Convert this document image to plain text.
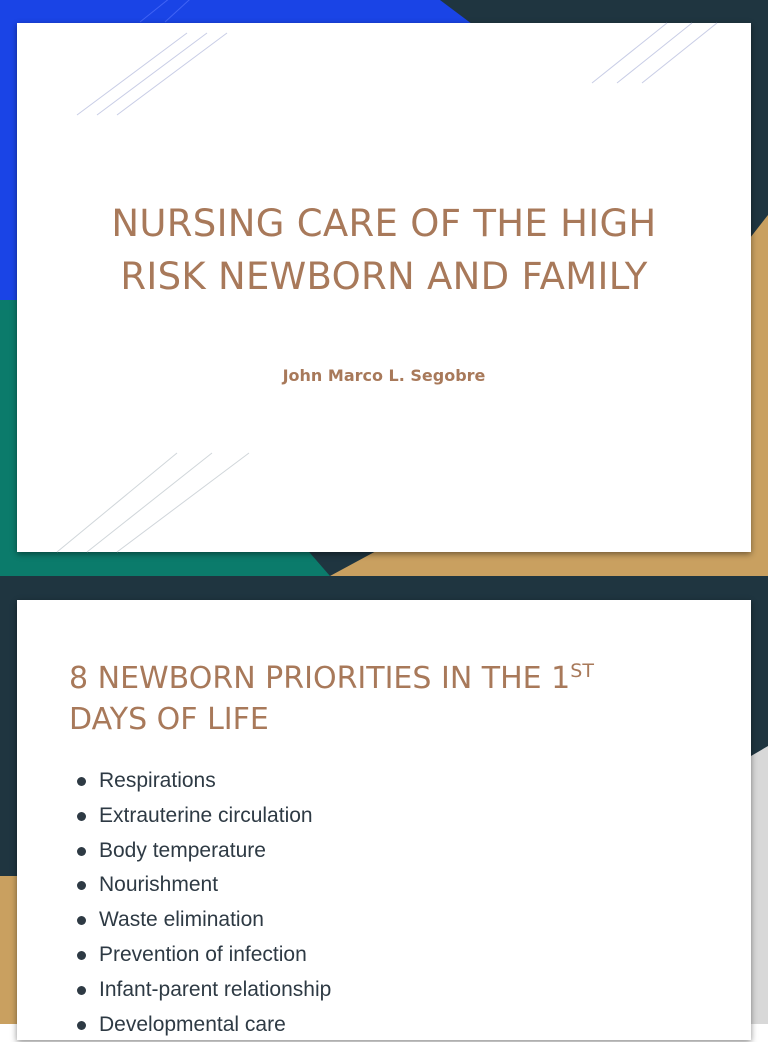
NURSING CARE OF THE HIGH
RISK NEWBORN AND FAMILY
John Marco L. Segobre
8 NEWBORN PRIORITIES IN THE 1ST
DAYS OF LIFE
Respirations
Extrauterine circulation
Body temperature
Nourishment
Waste elimination
Prevention of infection
Infant-parent relationship
Developmental care
